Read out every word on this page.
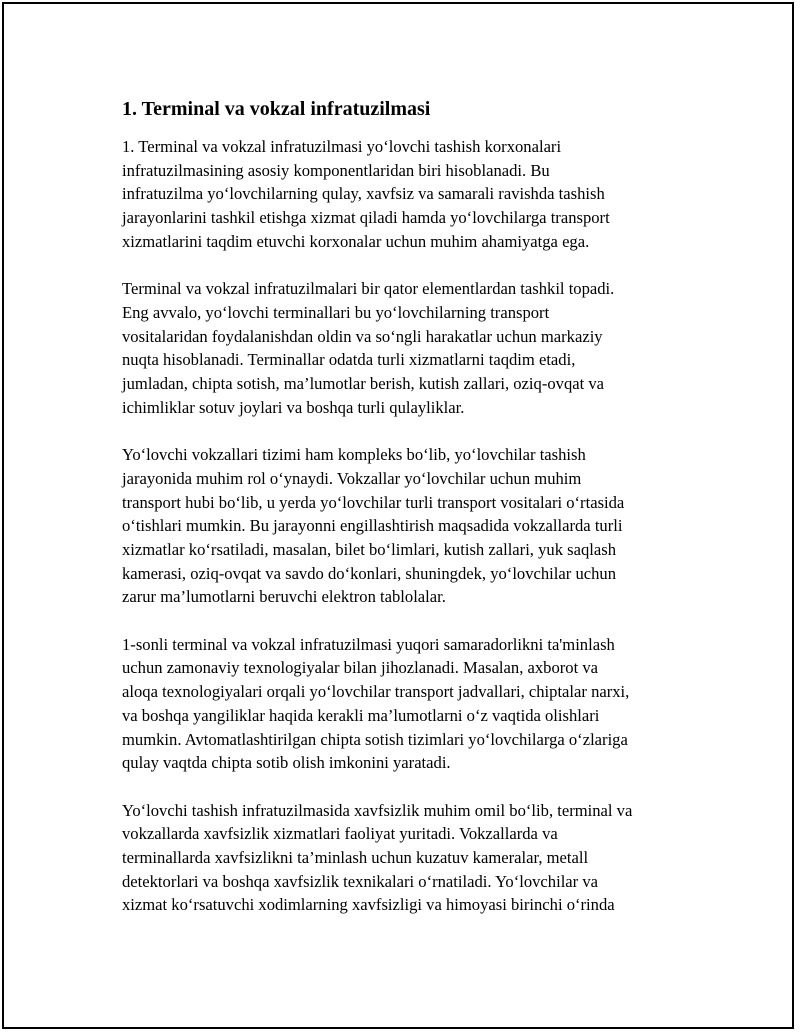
1. Terminal va vokzal infratuzilmasi

1. Terminal va vokzal infratuzilmasi yo‘lovchi tashish korxonalari
infratuzilmasining asosiy komponentlaridan biri hisoblanadi. Bu
infratuzilma yo‘lovchilarning qulay, xavfsiz va samarali ravishda tashish
jarayonlarini tashkil etishga xizmat qiladi hamda yo‘lovchilarga transport
xizmatlarini taqdim etuvchi korxonalar uchun muhim ahamiyatga ega.

Terminal va vokzal infratuzilmalari bir qator elementlardan tashkil topadi.
Eng avvalo, yo‘lovchi terminallari bu yo‘lovchilarning transport
vositalaridan foydalanishdan oldin va so‘ngli harakatlar uchun markaziy
nuqta hisoblanadi. Terminallar odatda turli xizmatlarni taqdim etadi,
jumladan, chipta sotish, ma’lumotlar berish, kutish zallari, oziq-ovqat va
ichimliklar sotuv joylari va boshqa turli qulayliklar.

Yo‘lovchi vokzallari tizimi ham kompleks bo‘lib, yo‘lovchilar tashish
jarayonida muhim rol o‘ynaydi. Vokzallar yo‘lovchilar uchun muhim
transport hubi bo‘lib, u yerda yo‘lovchilar turli transport vositalari o‘rtasida
o‘tishlari mumkin. Bu jarayonni engillashtirish maqsadida vokzallarda turli
xizmatlar ko‘rsatiladi, masalan, bilet bo‘limlari, kutish zallari, yuk saqlash
kamerasi, oziq-ovqat va savdo do‘konlari, shuningdek, yo‘lovchilar uchun
zarur ma’lumotlarni beruvchi elektron tablolalar.

1-sonli terminal va vokzal infratuzilmasi yuqori samaradorlikni ta'minlash
uchun zamonaviy texnologiyalar bilan jihozlanadi. Masalan, axborot va
aloqa texnologiyalari orqali yo‘lovchilar transport jadvallari, chiptalar narxi,
va boshqa yangiliklar haqida kerakli ma’lumotlarni o‘z vaqtida olishlari
mumkin. Avtomatlashtirilgan chipta sotish tizimlari yo‘lovchilarga o‘zlariga
qulay vaqtda chipta sotib olish imkonini yaratadi.

Yo‘lovchi tashish infratuzilmasida xavfsizlik muhim omil bo‘lib, terminal va
vokzallarda xavfsizlik xizmatlari faoliyat yuritadi. Vokzallarda va
terminallarda xavfsizlikni ta’minlash uchun kuzatuv kameralar, metall
detektorlari va boshqa xavfsizlik texnikalari o‘rnatiladi. Yo‘lovchilar va
xizmat ko‘rsatuvchi xodimlarning xavfsizligi va himoyasi birinchi o‘rinda
